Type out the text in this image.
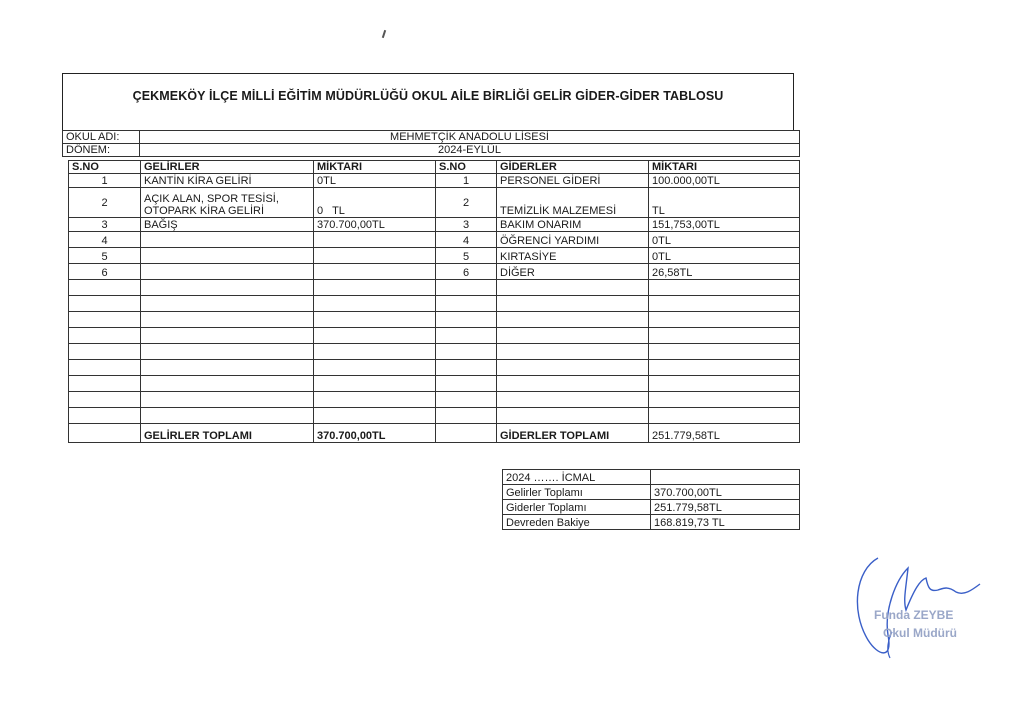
ÇEKMEKÖY İLÇE MİLLİ EĞİTİM MÜDÜRLÜĞÜ OKUL AİLE BİRLİĞİ GELİR GİDER-GİDER TABLOSU
OKUL ADI:	MEHMETÇİK ANADOLU LİSESİ
DÖNEM:	2024-EYLÜL
S.NO	GELİRLER	MİKTARI	S.NO	GİDERLER	MİKTARI
1	KANTİN KİRA GELİRİ	0TL	1	PERSONEL GİDERİ	100.000,00TL
2	AÇIK ALAN, SPOR TESİSİ, OTOPARK KİRA GELİRİ	0   TL	2	TEMİZLİK MALZEMESİ	TL
3	BAĞIŞ	370.700,00TL	3	BAKIM ONARIM	151,753,00TL
4			4	ÖĞRENCİ YARDIMI	0TL
5			5	KIRTASİYE	0TL
6			6	DİĞER	26,58TL

	GELİRLER TOPLAMI	370.700,00TL		GİDERLER TOPLAMI	251.779,58TL
2024 ……. İCMAL	
Gelirler Toplamı	370.700,00TL
Giderler Toplamı	251.779,58TL
Devreden Bakiye	168.819,73 TL
Funda ZEYBE
Okul Müdürü
